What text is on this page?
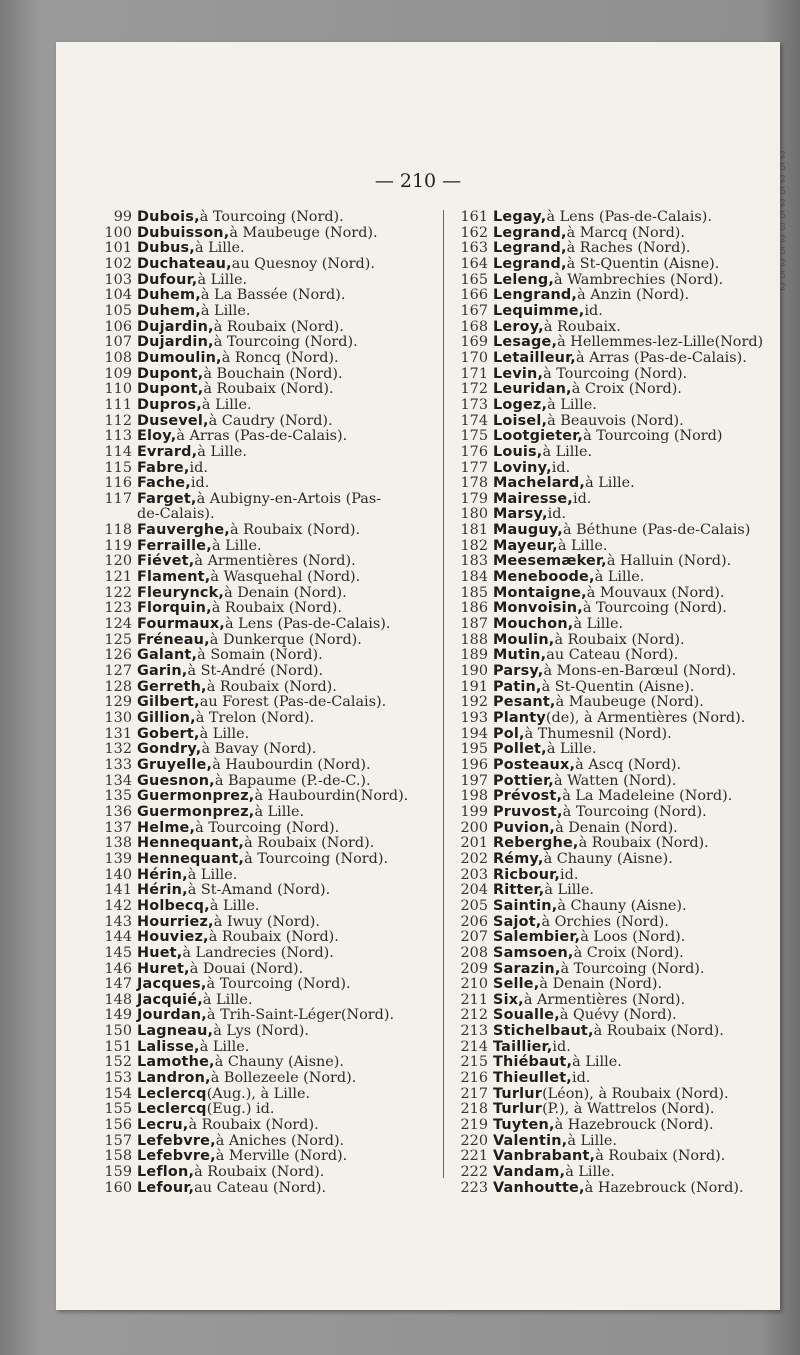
2
5
2
5
2
5
3
2
5
2
5
2
— 210 —
99 Dubois, à Tourcoing (Nord).
100 Dubuisson, à Maubeuge (Nord).
101 Dubus, à Lille.
102 Duchateau, au Quesnoy (Nord).
103 Dufour, à Lille.
104 Duhem, à La Bassée (Nord).
105 Duhem, à Lille.
106 Dujardin, à Roubaix (Nord).
107 Dujardin, à Tourcoing (Nord).
108 Dumoulin, à Roncq (Nord).
109 Dupont, à Bouchain (Nord).
110 Dupont, à Roubaix (Nord).
111 Dupros, à Lille.
112 Dusevel, à Caudry (Nord).
113 Eloy, à Arras (Pas-de-Calais).
114 Evrard, à Lille.
115 Fabre, id.
116 Fache, id.
117 Farget, à Aubigny-en-Artois (Pas-
de-Calais).
118 Fauverghe, à Roubaix (Nord).
119 Ferraille, à Lille.
120 Fiévet, à Armentières (Nord).
121 Flament, à Wasquehal (Nord).
122 Fleurynck, à Denain (Nord).
123 Florquin, à Roubaix (Nord).
124 Fourmaux, à Lens (Pas-de-Calais).
125 Fréneau, à Dunkerque (Nord).
126 Galant, à Somain (Nord).
127 Garin, à St-André (Nord).
128 Gerreth, à Roubaix (Nord).
129 Gilbert, au Forest (Pas-de-Calais).
130 Gillion, à Trelon (Nord).
131 Gobert, à Lille.
132 Gondry, à Bavay (Nord).
133 Gruyelle, à Haubourdin (Nord).
134 Guesnon, à Bapaume (P.-de-C.).
135 Guermonprez, à Haubourdin(Nord).
136 Guermonprez, à Lille.
137 Helme, à Tourcoing (Nord).
138 Hennequant, à Roubaix (Nord).
139 Hennequant, à Tourcoing (Nord).
140 Hérin, à Lille.
141 Hérin, à St-Amand (Nord).
142 Holbecq, à Lille.
143 Hourriez, à Iwuy (Nord).
144 Houviez, à Roubaix (Nord).
145 Huet, à Landrecies (Nord).
146 Huret, à Douai (Nord).
147 Jacques, à Tourcoing (Nord).
148 Jacquié, à Lille.
149 Jourdan, à Trih-Saint-Léger(Nord).
150 Lagneau, à Lys (Nord).
151 Lalisse, à Lille.
152 Lamothe, à Chauny (Aisne).
153 Landron, à Bollezeele (Nord).
154 Leclercq (Aug.), à Lille.
155 Leclercq (Eug.) id.
156 Lecru, à Roubaix (Nord).
157 Lefebvre, à Aniches (Nord).
158 Lefebvre, à Merville (Nord).
159 Leflon, à Roubaix (Nord).
160 Lefour, au Cateau (Nord).
161 Legay, à Lens (Pas-de-Calais).
162 Legrand, à Marcq (Nord).
163 Legrand, à Raches (Nord).
164 Legrand, à St-Quentin (Aisne).
165 Leleng, à Wambrechies (Nord).
166 Lengrand, à Anzin (Nord).
167 Lequimme, id.
168 Leroy, à Roubaix.
169 Lesage, à Hellemmes-lez-Lille(Nord)
170 Letailleur, à Arras (Pas-de-Calais).
171 Levin, à Tourcoing (Nord).
172 Leuridan, à Croix (Nord).
173 Logez, à Lille.
174 Loisel, à Beauvois (Nord).
175 Lootgieter, à Tourcoing (Nord)
176 Louis, à Lille.
177 Loviny, id.
178 Machelard, à Lille.
179 Mairesse, id.
180 Marsy, id.
181 Mauguy, à Béthune (Pas-de-Calais)
182 Mayeur, à Lille.
183 Meesemæker, à Halluin (Nord).
184 Meneboode, à Lille.
185 Montaigne, à Mouvaux (Nord).
186 Monvoisin, à Tourcoing (Nord).
187 Mouchon, à Lille.
188 Moulin, à Roubaix (Nord).
189 Mutin, au Cateau (Nord).
190 Parsy, à Mons-en-Barœul (Nord).
191 Patin, à St-Quentin (Aisne).
192 Pesant, à Maubeuge (Nord).
193 Planty (de), à Armentières (Nord).
194 Pol, à Thumesnil (Nord).
195 Pollet, à Lille.
196 Posteaux, à Ascq (Nord).
197 Pottier, à Watten (Nord).
198 Prévost, à La Madeleine (Nord).
199 Pruvost, à Tourcoing (Nord).
200 Puvion, à Denain (Nord).
201 Reberghe, à Roubaix (Nord).
202 Rémy, à Chauny (Aisne).
203 Ricbour, id.
204 Ritter, à Lille.
205 Saintin, à Chauny (Aisne).
206 Sajot, à Orchies (Nord).
207 Salembier, à Loos (Nord).
208 Samsoen, à Croix (Nord).
209 Sarazin, à Tourcoing (Nord).
210 Selle, à Denain (Nord).
211 Six, à Armentières (Nord).
212 Soualle, à Quévy (Nord).
213 Stichelbaut, à Roubaix (Nord).
214 Taillier, id.
215 Thiébaut, à Lille.
216 Thieullet, id.
217 Turlur (Léon), à Roubaix (Nord).
218 Turlur (P.), à Wattrelos (Nord).
219 Tuyten, à Hazebrouck (Nord).
220 Valentin, à Lille.
221 Vanbrabant, à Roubaix (Nord).
222 Vandam, à Lille.
223 Vanhoutte, à Hazebrouck (Nord).
